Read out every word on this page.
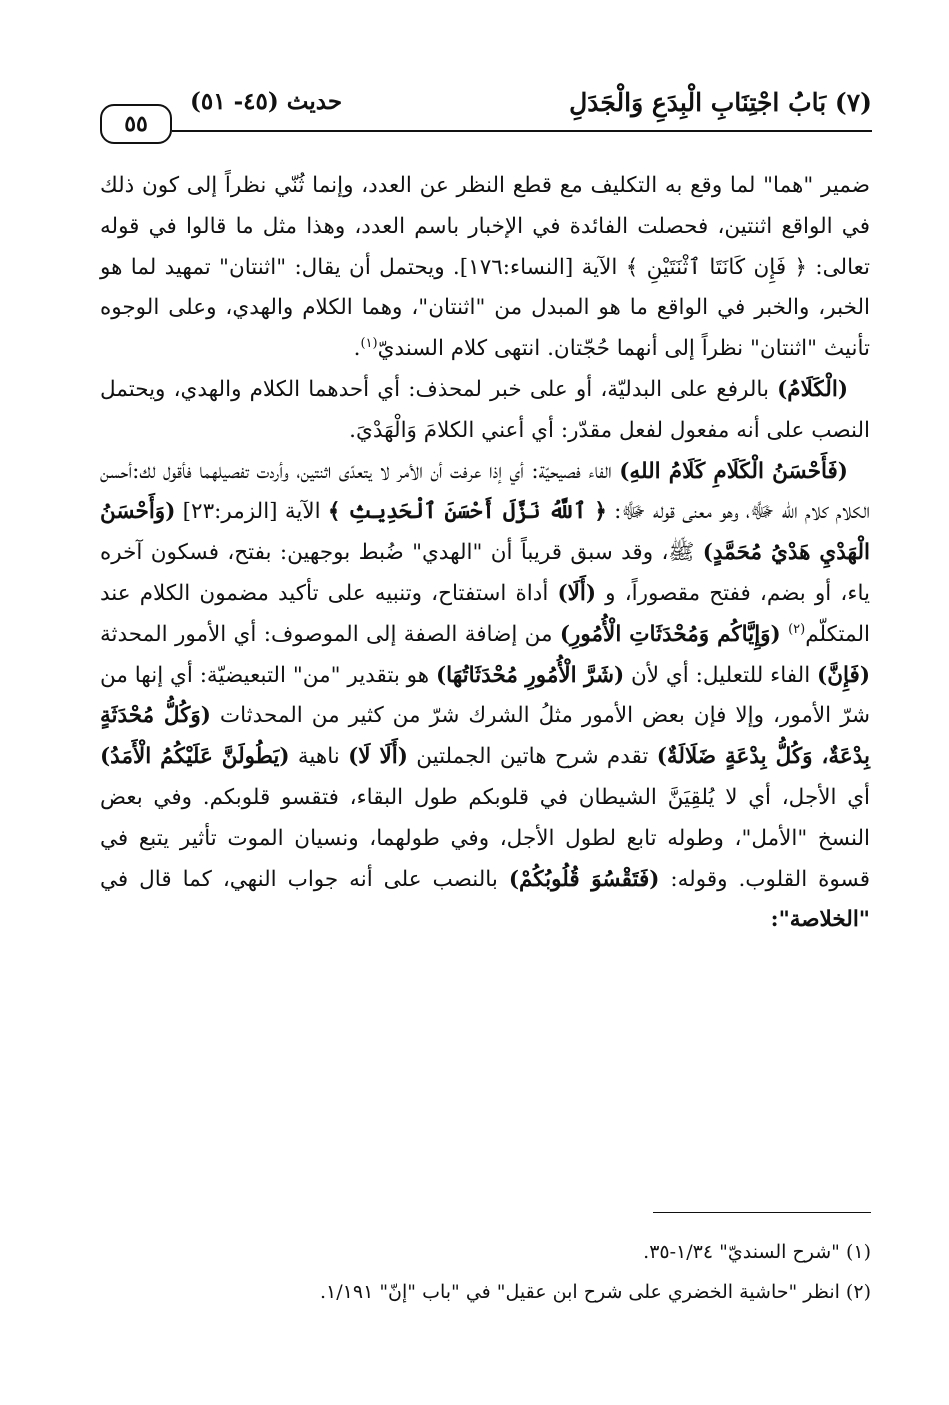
(٧) بَابُ اجْتِنَابِ الْبِدَعِ وَالْجَدَلِ
حديث (٤٥- ٥١)
٥٥

ضمير "هما" لما وقع به التكليف مع قطع النظر عن العدد، وإنما ثُنّي نظراً إلى كون ذلك في الواقع اثنتين، فحصلت الفائدة في الإخبار باسم العدد، وهذا مثل ما قالوا في قوله تعالى: ﴿ فَإِن كَانَتَا ٱثْنَتَيْنِ ﴾ الآية [النساء:١٧٦]. ويحتمل أن يقال: "اثنتان" تمهيد لما هو الخبر، والخبر في الواقع ما هو المبدل من "اثنتان"، وهما الكلام والهدي، وعلى الوجوه تأنيث "اثنتان" نظراً إلى أنهما حُجّتان. انتهى كلام السنديّ$^{(١)}$.

(الْكَلَامُ) بالرفع على البدليّة، أو على خبر لمحذف: أي أحدهما الكلام والهدي، ويحتمل النصب على أنه مفعول لفعل مقدّر: أي أعني الكلامَ وَالْهَدْيَ.

(فَأَحْسَنُ الْكَلَامِ كَلَامُ اللهِ) الفاء فصيحيّة: أي إذا عرفت أن الأمر لا يتعدّى اثنتين، وأردت تفصيلهما فأقول لك:أحسن الكلام كلام الله ﷻ، وهو معنى قوله ﷻ: ﴿ ٱللَّهُ نَزَّلَ أَحْسَنَ ٱلْحَدِيثِ ﴾ الآية [الزمر:٢٣] (وَأَحْسَنُ الْهَدْيِ هَدْيُ مُحَمَّدٍ) ﷺ، وقد سبق قريباً أن "الهدي" ضُبط بوجهين: بفتح، فسكون آخره ياء، أو بضم، ففتح مقصوراً، و (أَلَا) أداة استفتاح، وتنبيه على تأكيد مضمون الكلام عند المتكلّم$^{(٢)}$ (وَإِيَّاكُم وَمُحْدَثَاتِ الْأُمُورِ) من إضافة الصفة إلى الموصوف: أي الأمور المحدثة (فَإِنَّ) الفاء للتعليل: أي لأن (شَرَّ الْأُمُورِ مُحْدَثَاتُهَا) هو بتقدير "من" التبعيضيّة: أي إنها من شرّ الأمور، وإلا فإن بعض الأمور مثلُ الشرك شرّ من كثير من المحدثات (وَكُلُّ مُحْدَثَةٍ بِدْعَةٌ، وَكُلُّ بِدْعَةٍ ضَلَالَةٌ) تقدم شرح هاتين الجملتين (أَلَا لَا) ناهية (يَطُولَنَّ عَلَيْكُمُ الْأَمَدُ) أي الأجل، أي لا يُلقِيَنَّ الشيطان في قلوبكم طول البقاء، فتقسو قلوبكم. وفي بعض النسخ "الأمل"، وطوله تابع لطول الأجل، وفي طولهما، ونسيان الموت تأثير يتبع في قسوة القلوب. وقوله: (فَتَقْسُوَ قُلُوبُكُمْ) بالنصب على أنه جواب النهي، كما قال في "الخلاصة":

(١) "شرح السنديّ" ١/٣٤-٣٥.
(٢) انظر "حاشية الخضري على شرح ابن عقيل" في "باب "إنّ" ١/١٩١.
